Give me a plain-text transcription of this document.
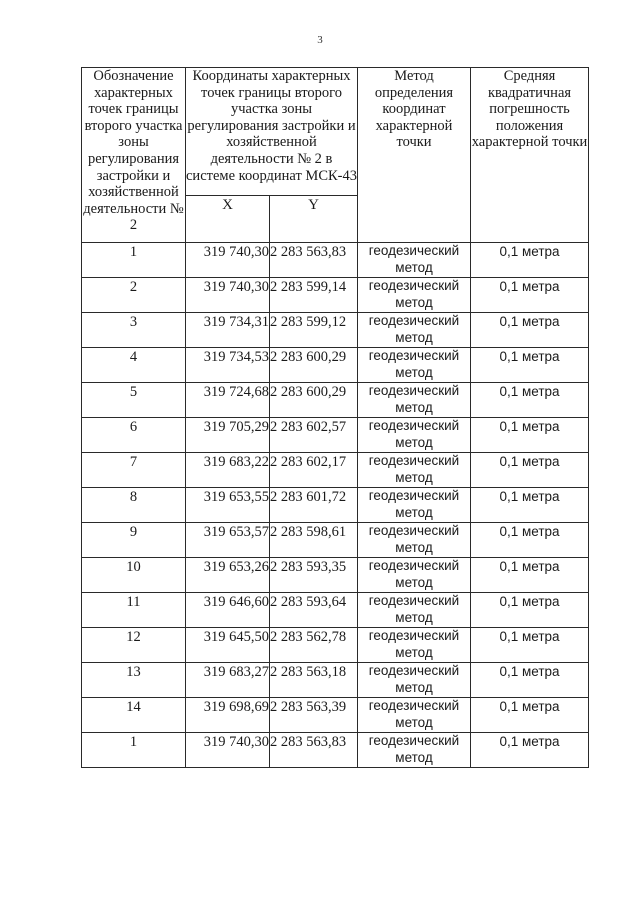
3
Обозначение характерных точек границы второго участка зоны регулирования застройки и хозяйственной деятельности № 2	Координаты характерных точек границы второго участка зоны регулирования застройки и хозяйственной деятельности № 2 в системе координат МСК-43		Метод определения координат характерной точки	Средняя квадратичная погрешность положения характерной точки
	X	Y		
1	319 740,30	2 283 563,83	геодезический метод	0,1 метра
2	319 740,30	2 283 599,14	геодезический метод	0,1 метра
3	319 734,31	2 283 599,12	геодезический метод	0,1 метра
4	319 734,53	2 283 600,29	геодезический метод	0,1 метра
5	319 724,68	2 283 600,29	геодезический метод	0,1 метра
6	319 705,29	2 283 602,57	геодезический метод	0,1 метра
7	319 683,22	2 283 602,17	геодезический метод	0,1 метра
8	319 653,55	2 283 601,72	геодезический метод	0,1 метра
9	319 653,57	2 283 598,61	геодезический метод	0,1 метра
10	319 653,26	2 283 593,35	геодезический метод	0,1 метра
11	319 646,60	2 283 593,64	геодезический метод	0,1 метра
12	319 645,50	2 283 562,78	геодезический метод	0,1 метра
13	319 683,27	2 283 563,18	геодезический метод	0,1 метра
14	319 698,69	2 283 563,39	геодезический метод	0,1 метра
1	319 740,30	2 283 563,83	геодезический метод	0,1 метра
